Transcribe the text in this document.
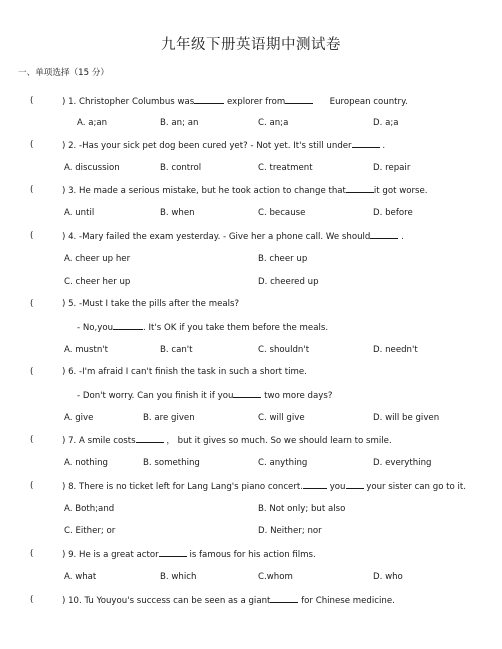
九年级下册英语期中测试卷
一、单项选择（15 分）
(	) 1. Christopher Columbus was	explorer from	European country.
A. a;an	B. an; an	C. an;a	D. a;a
(	) 2. -Has your sick pet dog been cured yet? - Not yet. It's still under	.
A. discussion	B. control	C. treatment	D. repair
(	) 3. He made a serious mistake, but he took action to change that	it got worse.
A. until	B. when	C. because	D. before
(	) 4. -Mary failed the exam yesterday. - Give her a phone call. We should	.
A. cheer up her	B. cheer up
C. cheer her up	D. cheered up
(	) 5. -Must I take the pills after the meals?
- No,you	. It's OK if you take them before the meals.
A. mustn't	B. can't	C. shouldn't	D. needn't
(	) 6. -I'm afraid I can't finish the task in such a short time.
- Don't worry. Can you finish it if you	two more days?
A. give	B. are given	C. will give	D. will be given
(	) 7. A smile costs	， but it gives so much. So we should learn to smile.
A. nothing	B. something	C. anything	D. everything
(	) 8. There is no ticket left for Lang Lang's piano concert.	you your sister can go to it.
A. Both;and	B. Not only; but also
C. Either; or	D. Neither; nor
(	) 9. He is a great actor	is famous for his action films.
A. what	B. which	C.whom	D. who
(	) 10. Tu Youyou's success can be seen as a giant	for Chinese medicine.
